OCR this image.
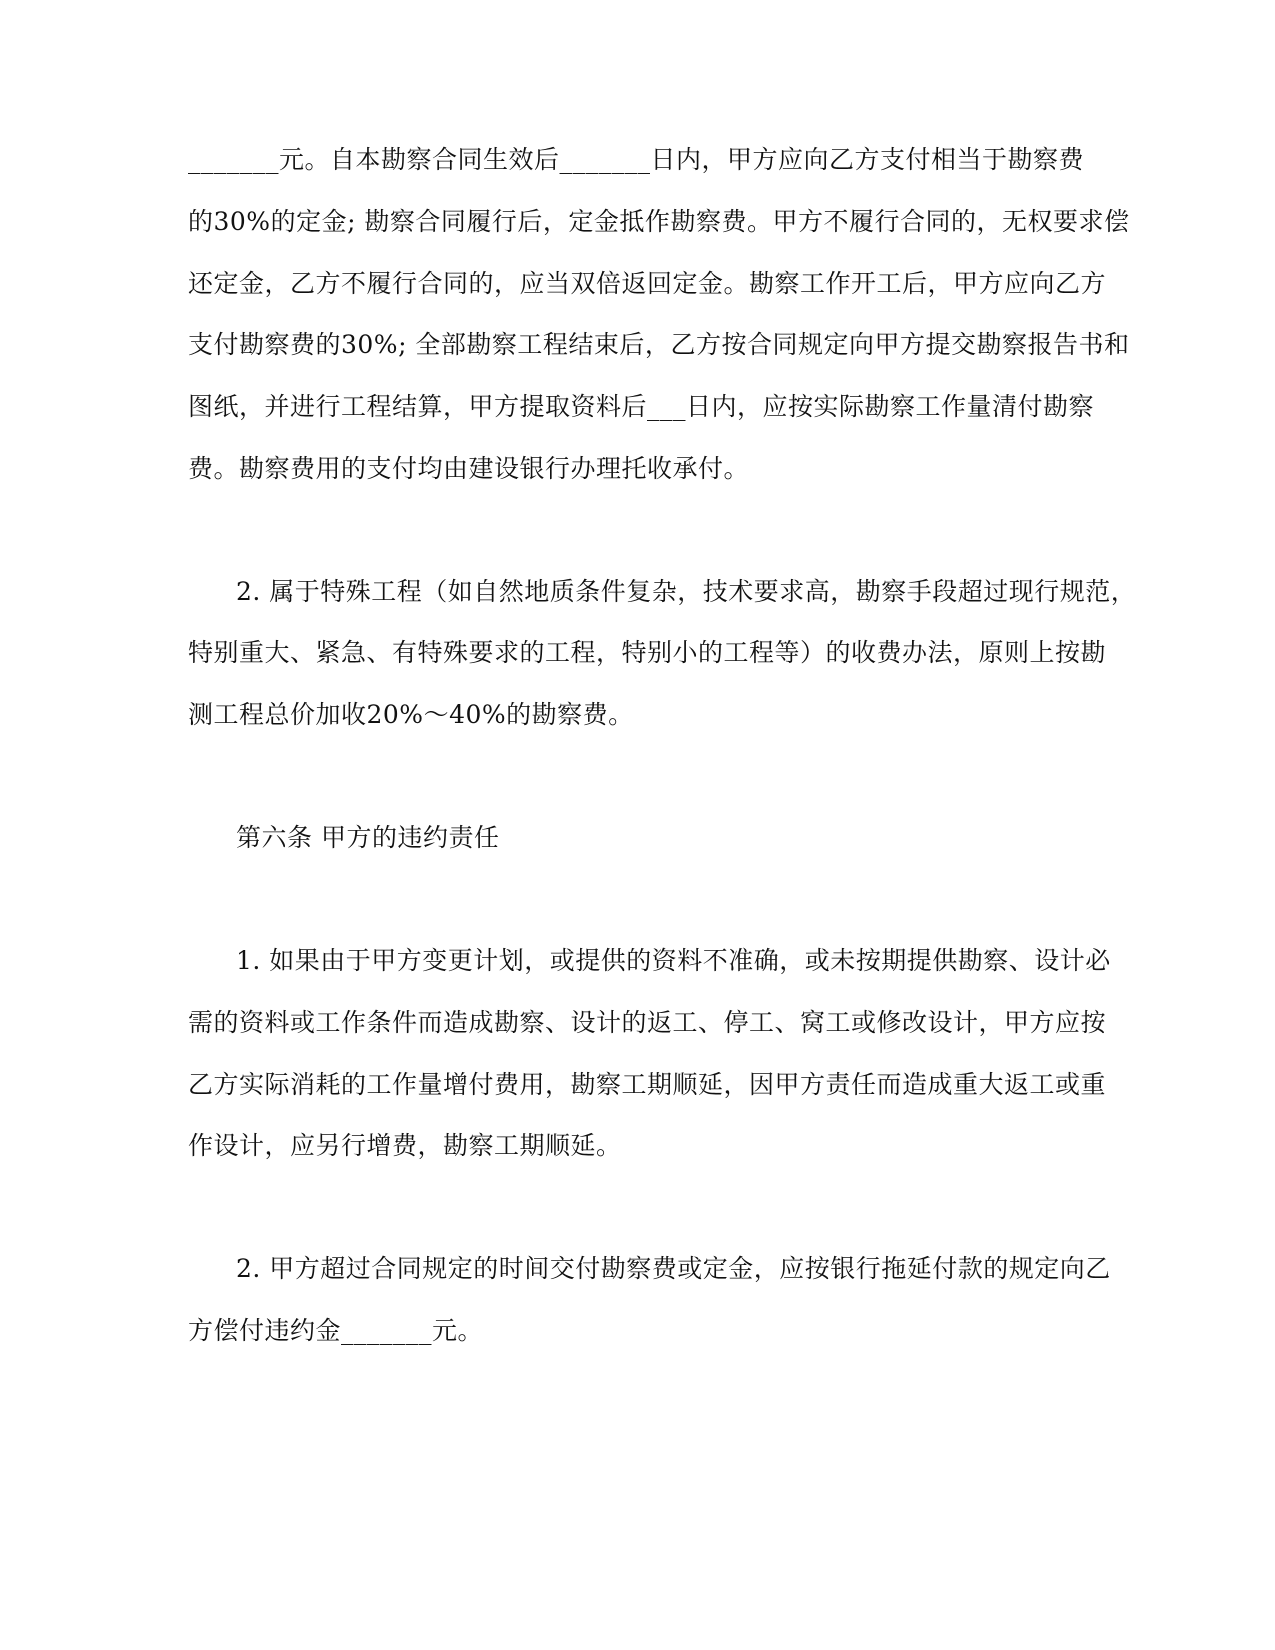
_______元。自本勘察合同生效后_______日内，甲方应向乙方支付相当于勘察费
的30%的定金; 勘察合同履行后，定金抵作勘察费。甲方不履行合同的，无权要求偿
还定金，乙方不履行合同的，应当双倍返回定金。勘察工作开工后，甲方应向乙方
支付勘察费的30%; 全部勘察工程结束后，乙方按合同规定向甲方提交勘察报告书和
图纸，并进行工程结算，甲方提取资料后___日内，应按实际勘察工作量清付勘察
费。勘察费用的支付均由建设银行办理托收承付。
2. 属于特殊工程（如自然地质条件复杂，技术要求高，勘察手段超过现行规范，
特别重大、紧急、有特殊要求的工程，特别小的工程等）的收费办法，原则上按勘
测工程总价加收20%～40%的勘察费。
第六条 甲方的违约责任
1. 如果由于甲方变更计划，或提供的资料不准确，或未按期提供勘察、设计必
需的资料或工作条件而造成勘察、设计的返工、停工、窝工或修改设计，甲方应按
乙方实际消耗的工作量增付费用，勘察工期顺延，因甲方责任而造成重大返工或重
作设计，应另行增费，勘察工期顺延。
2. 甲方超过合同规定的时间交付勘察费或定金，应按银行拖延付款的规定向乙
方偿付违约金_______元。
